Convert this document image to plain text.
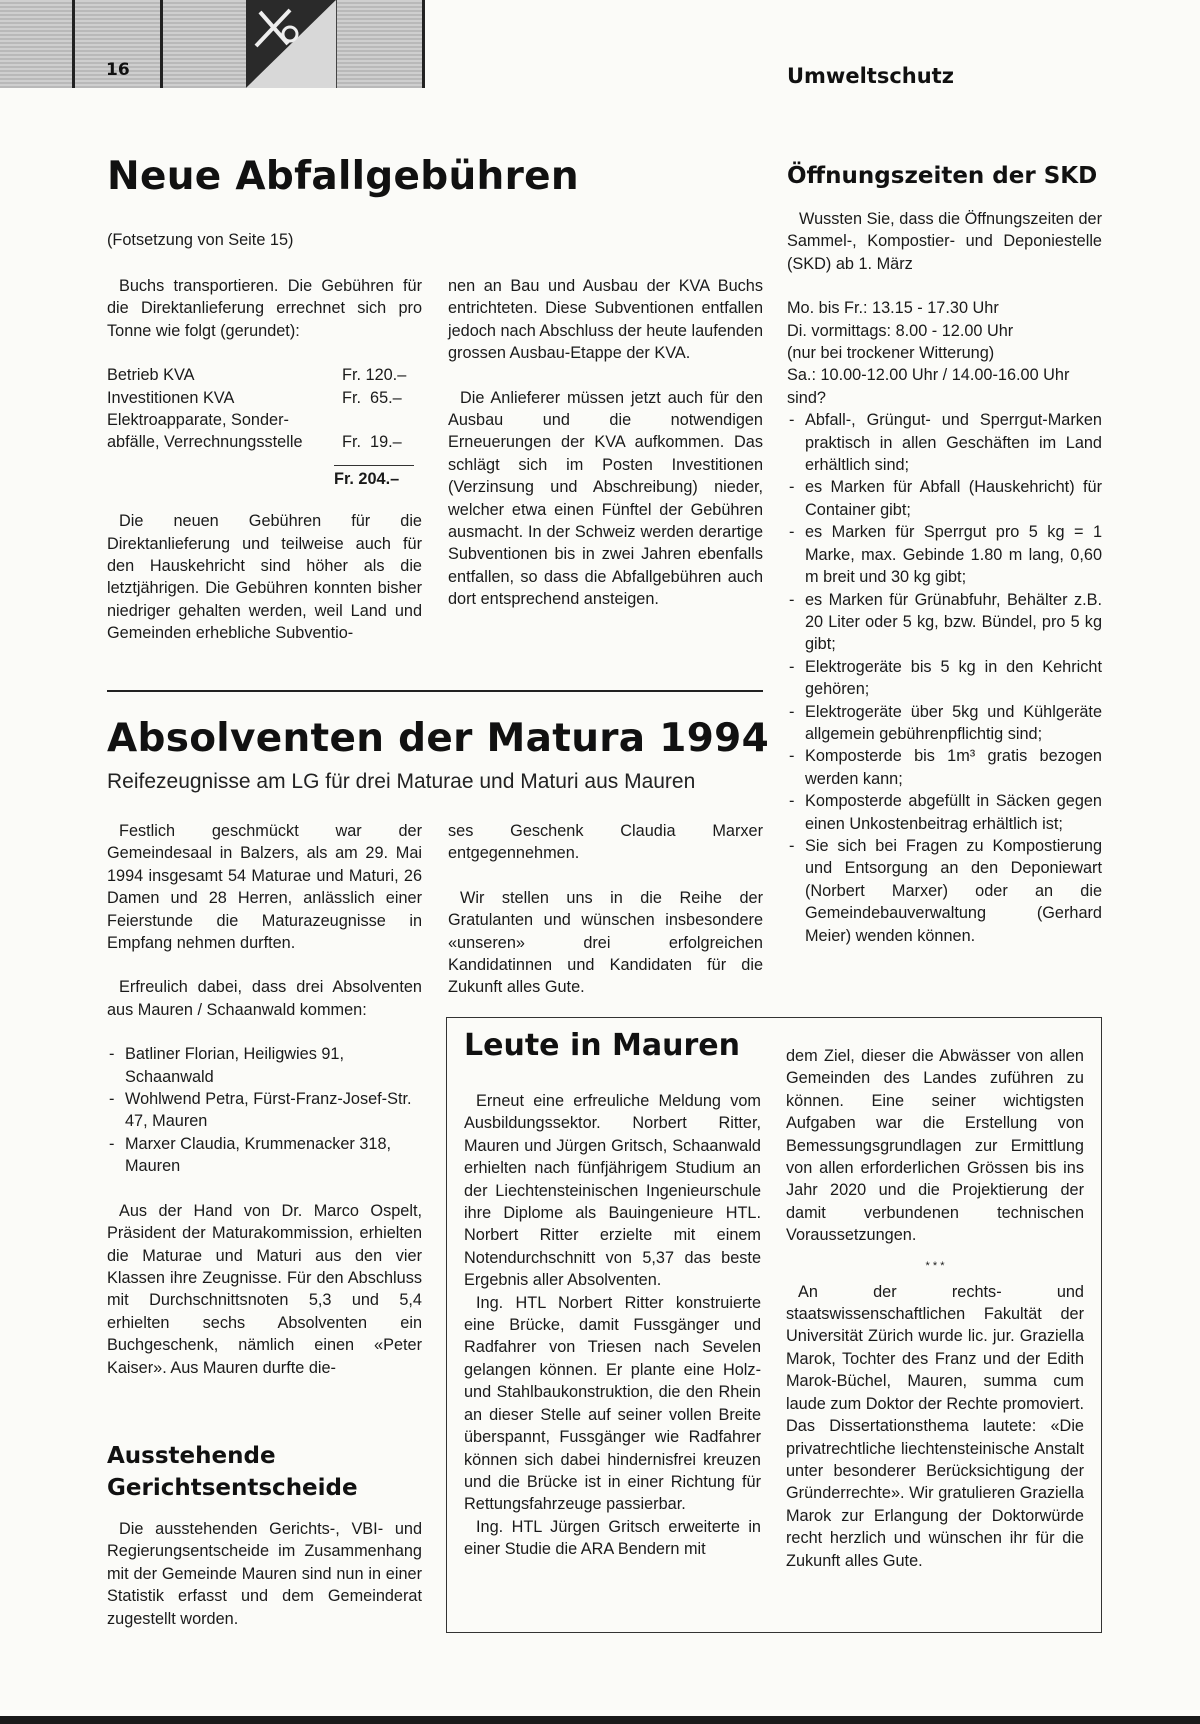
16	Umweltschutz
Neue Abfallgebühren
(Fotsetzung von Seite 15)

Buchs transportieren. Die Gebühren für die Direktanlieferung errechnet sich pro Tonne wie folgt (gerundet):

Betrieb KVA	Fr. 120.–
Investitionen KVA	Fr.  65.–
Elektroapparate, Sonder-	
abfälle, Verrechnungsstelle	Fr.  19.–
Fr. 204.–

Die neuen Gebühren für die Direktanlieferung und teilweise auch für den Hauskehricht sind höher als die letztjährigen. Die Gebühren konnten bisher niedriger gehalten werden, weil Land und Gemeinden erhebliche Subventio-

nen an Bau und Ausbau der KVA Buchs entrichteten. Diese Subventionen entfallen jedoch nach Abschluss der heute laufenden grossen Ausbau-Etappe der KVA.

Die Anlieferer müssen jetzt auch für den Ausbau und die notwendigen Erneuerungen der KVA aufkommen. Das schlägt sich im Posten Investitionen (Verzinsung und Abschreibung) nieder, welcher etwa einen Fünftel der Gebühren ausmacht. In der Schweiz werden derartige Subventionen bis in zwei Jahren ebenfalls entfallen, so dass die Abfallgebühren auch dort entsprechend ansteigen.

Öffnungszeiten der SKD

Wussten Sie, dass die Öffnungszeiten der Sammel-, Kompostier- und Deponiestelle (SKD) ab 1. März

Mo. bis Fr.: 13.15 - 17.30 Uhr
Di. vormittags: 8.00 - 12.00 Uhr
(nur bei trockener Witterung)
Sa.: 10.00-12.00 Uhr / 14.00-16.00 Uhr
sind?
- Abfall-, Grüngut- und Sperrgut-Marken praktisch in allen Geschäften im Land erhältlich sind;
- es Marken für Abfall (Hauskehricht) für Container gibt;
- es Marken für Sperrgut pro 5 kg = 1 Marke, max. Gebinde 1.80 m lang, 0,60 m breit und 30 kg gibt;
- es Marken für Grünabfuhr, Behälter z.B. 20 Liter oder 5 kg, bzw. Bündel, pro 5 kg gibt;
- Elektrogeräte bis 5 kg in den Kehricht gehören;
- Elektrogeräte über 5kg und Kühlgeräte allgemein gebührenpflichtig sind;
- Komposterde bis 1m³ gratis bezogen werden kann;
- Komposterde abgefüllt in Säcken gegen einen Unkostenbeitrag erhältlich ist;
- Sie sich bei Fragen zu Kompostierung und Entsorgung an den Deponiewart (Norbert Marxer) oder an die Gemeindebauverwaltung (Gerhard Meier) wenden können.
Absolventen der Matura 1994
Reifezeugnisse am LG für drei Maturae und Maturi aus Mauren

Festlich geschmückt war der Gemeindesaal in Balzers, als am 29. Mai 1994 insgesamt 54 Maturae und Maturi, 26 Damen und 28 Herren, anlässlich einer Feierstunde die Maturazeugnisse in Empfang nehmen durften.

Erfreulich dabei, dass drei Absolventen aus Mauren / Schaanwald kommen:

- Batliner Florian, Heiligwies 91, Schaanwald
- Wohlwend Petra, Fürst-Franz-Josef-Str. 47, Mauren
- Marxer Claudia, Krummenacker 318, Mauren

Aus der Hand von Dr. Marco Ospelt, Präsident der Maturakommission, erhielten die Maturae und Maturi aus den vier Klassen ihre Zeugnisse. Für den Abschluss mit Durchschnittsnoten 5,3 und 5,4 erhielten sechs Absolventen ein Buchgeschenk, nämlich einen «Peter Kaiser». Aus Mauren durfte die-

ses Geschenk Claudia Marxer entgegennehmen.

Wir stellen uns in die Reihe der Gratulanten und wünschen insbesondere «unseren» drei erfolgreichen Kandidatinnen und Kandidaten für die Zukunft alles Gute.

Ausstehende
Gerichtsentscheide

Die ausstehenden Gerichts-, VBI- und Regierungsentscheide im Zusammenhang mit der Gemeinde Mauren sind nun in einer Statistik erfasst und dem Gemeinderat zugestellt worden.

Leute in Mauren

Erneut eine erfreuliche Meldung vom Ausbildungssektor. Norbert Ritter, Mauren und Jürgen Gritsch, Schaanwald erhielten nach fünfjährigem Studium an der Liechtensteinischen Ingenieurschule ihre Diplome als Bauingenieure HTL. Norbert Ritter erzielte mit einem Notendurchschnitt von 5,37 das beste Ergebnis aller Absolventen.

Ing. HTL Norbert Ritter konstruierte eine Brücke, damit Fussgänger und Radfahrer von Triesen nach Sevelen gelangen können. Er plante eine Holz- und Stahlbaukonstruktion, die den Rhein an dieser Stelle auf seiner vollen Breite überspannt, Fussgänger wie Radfahrer können sich dabei hindernisfrei kreuzen und die Brücke ist in einer Richtung für Rettungsfahrzeuge passierbar.

Ing. HTL Jürgen Gritsch erweiterte in einer Studie die ARA Bendern mit

dem Ziel, dieser die Abwässer von allen Gemeinden des Landes zuführen zu können. Eine seiner wichtigsten Aufgaben war die Erstellung von Bemessungsgrundlagen zur Ermittlung von allen erforderlichen Grössen bis ins Jahr 2020 und die Projektierung der damit verbundenen technischen Voraussetzungen.

* * *

An der rechts- und staatswissenschaftlichen Fakultät der Universität Zürich wurde lic. jur. Graziella Marok, Tochter des Franz und der Edith Marok-Büchel, Mauren, summa cum laude zum Doktor der Rechte promoviert. Das Dissertationsthema lautete: «Die privatrechtliche liechtensteinische Anstalt unter besonderer Berücksichtigung der Gründerrechte». Wir gratulieren Graziella Marok zur Erlangung der Doktorwürde recht herzlich und wünschen ihr für die Zukunft alles Gute.
